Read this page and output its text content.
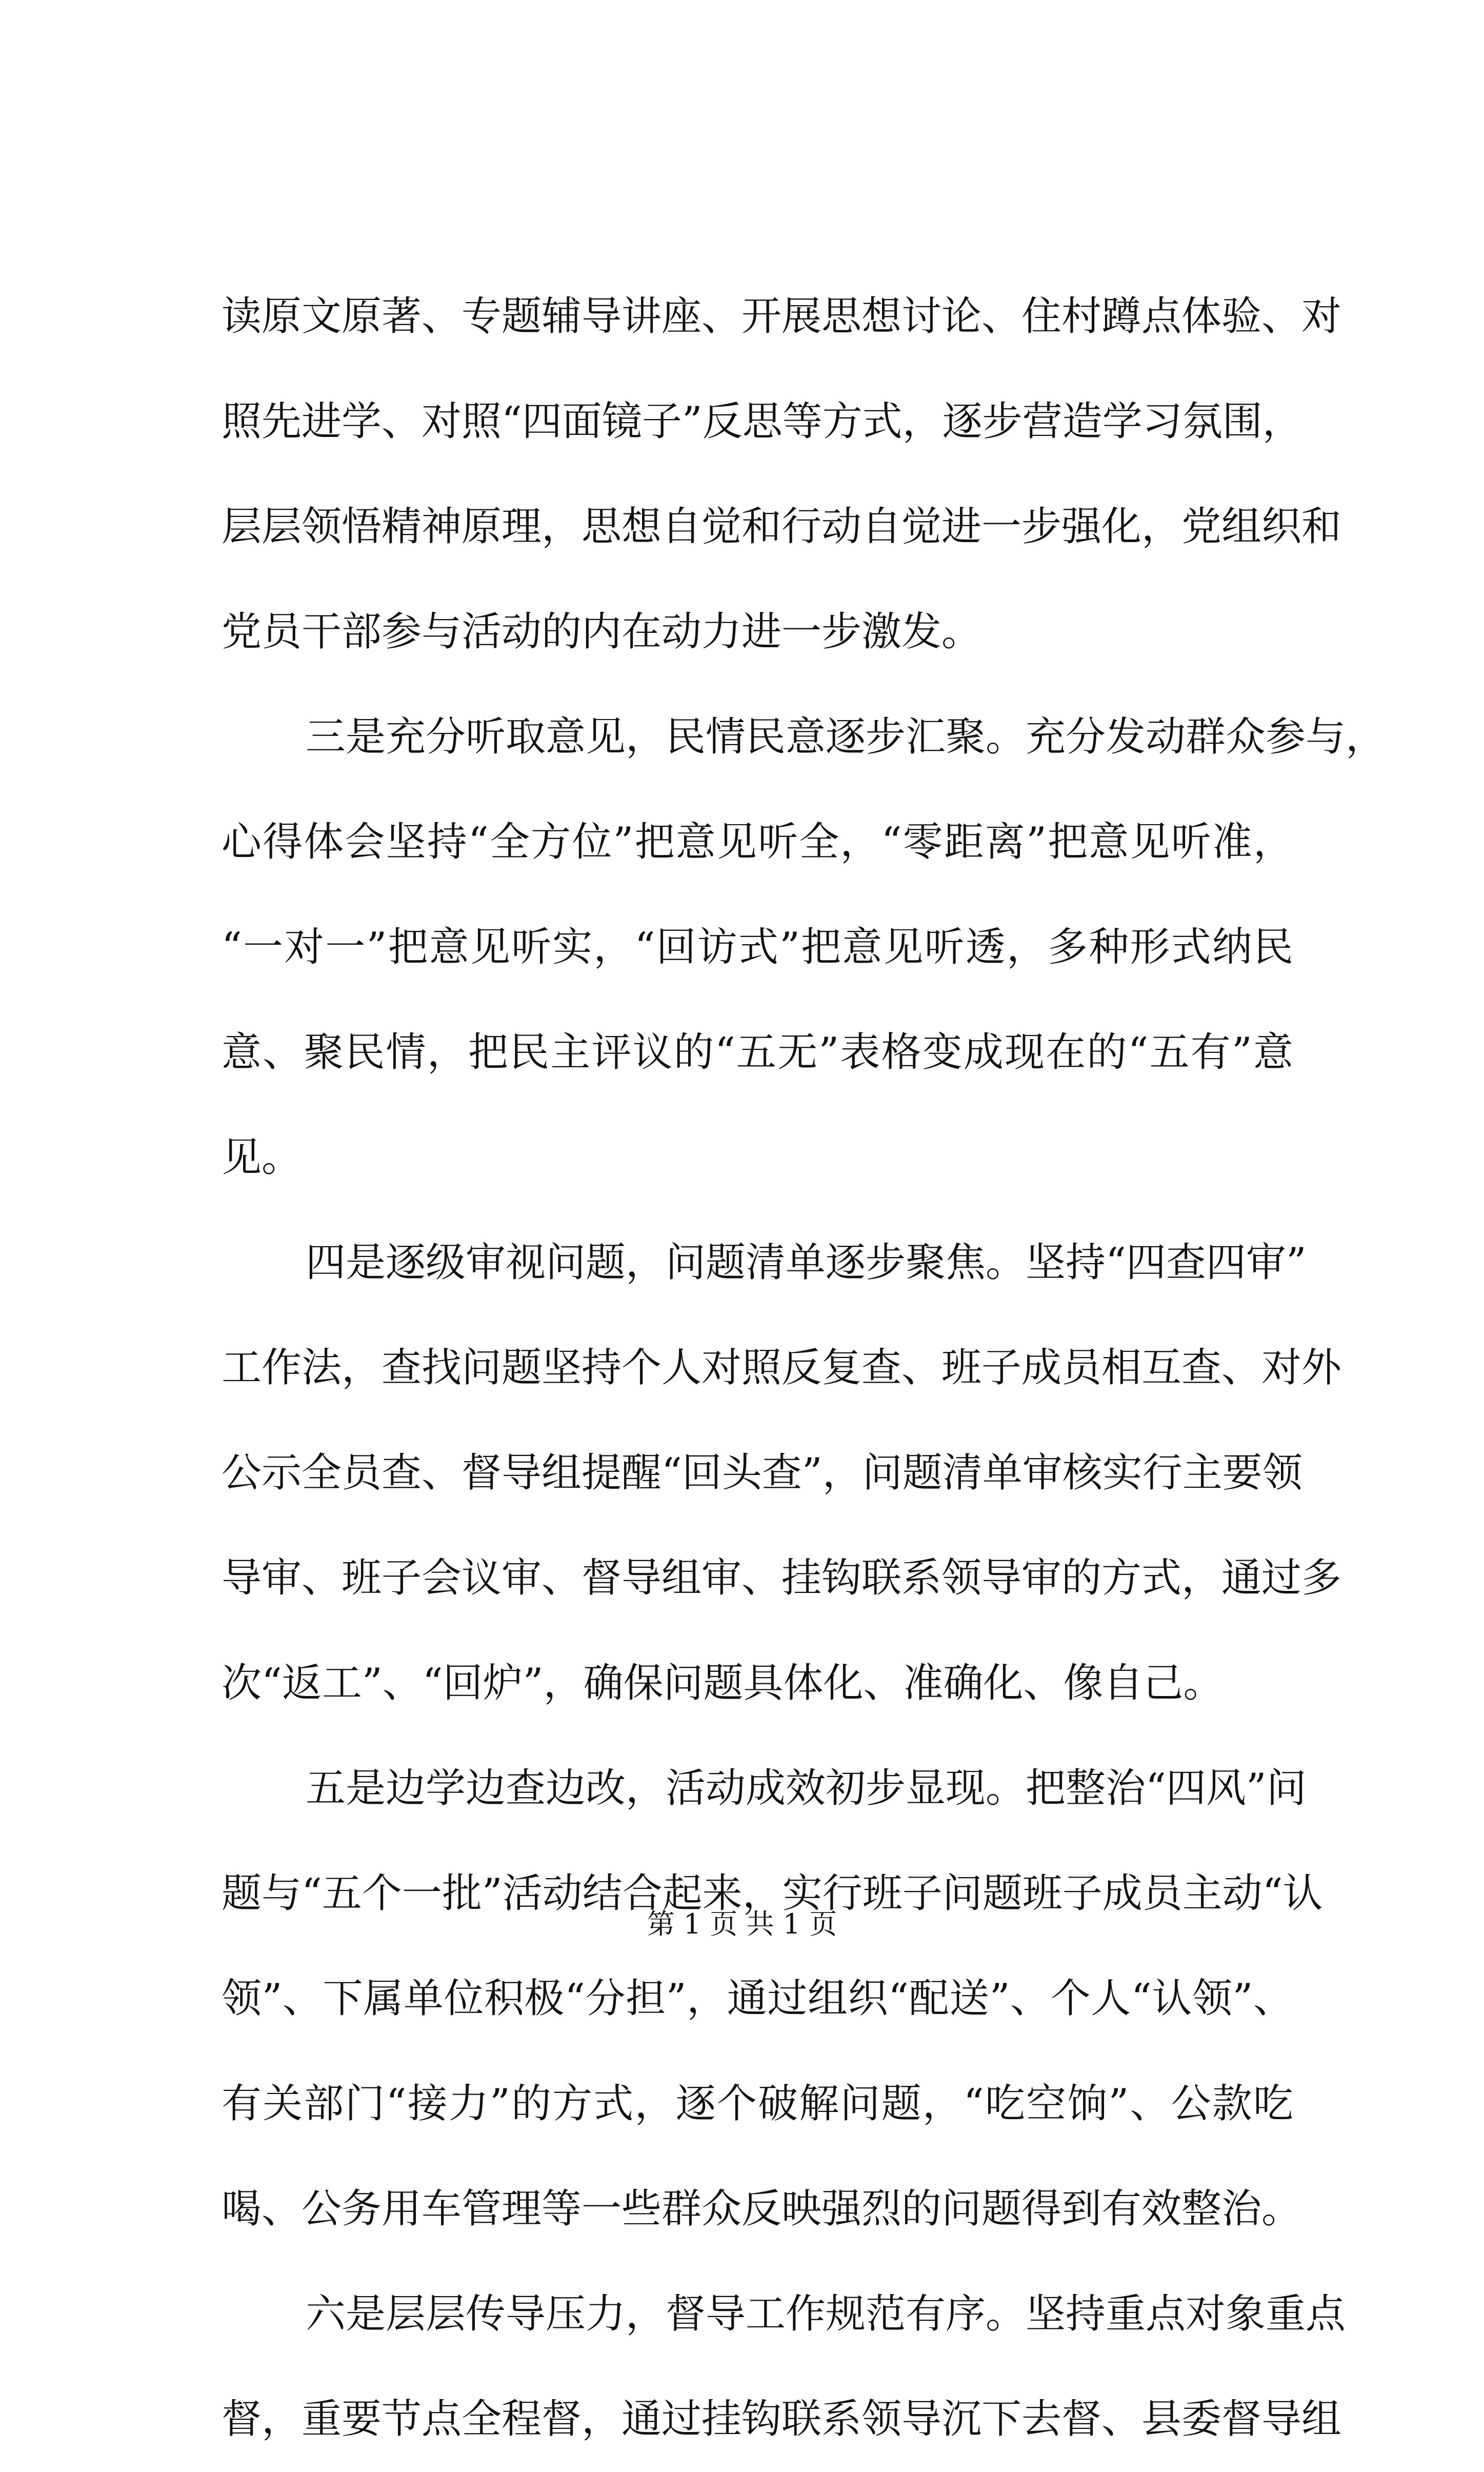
读原文原著、专题辅导讲座、开展思想讨论、住村蹲点体验、对
照先进学、对照“四面镜子”反思等方式，逐步营造学习氛围，
层层领悟精神原理，思想自觉和行动自觉进一步强化，党组织和
党员干部参与活动的内在动力进一步激发。
三是充分听取意见，民情民意逐步汇聚。充分发动群众参与，
心得体会坚持“全方位”把意见听全，“零距离”把意见听准，
“一对一”把意见听实，“回访式”把意见听透，多种形式纳民
意、聚民情，把民主评议的“五无”表格变成现在的“五有”意
见。
四是逐级审视问题，问题清单逐步聚焦。坚持“四查四审”
工作法，查找问题坚持个人对照反复查、班子成员相互查、对外
公示全员查、督导组提醒“回头查”，问题清单审核实行主要领
导审、班子会议审、督导组审、挂钩联系领导审的方式，通过多
次“返工”、“回炉”，确保问题具体化、准确化、像自己。
五是边学边查边改，活动成效初步显现。把整治“四风”问
题与“五个一批”活动结合起来，实行班子问题班子成员主动“认
领”、下属单位积极“分担”，通过组织“配送”、个人“认领”、
有关部门“接力”的方式，逐个破解问题，“吃空饷”、公款吃
喝、公务用车管理等一些群众反映强烈的问题得到有效整治。
六是层层传导压力，督导工作规范有序。坚持重点对象重点
督，重要节点全程督，通过挂钩联系领导沉下去督、县委督导组
第 1 页 共 1 页
